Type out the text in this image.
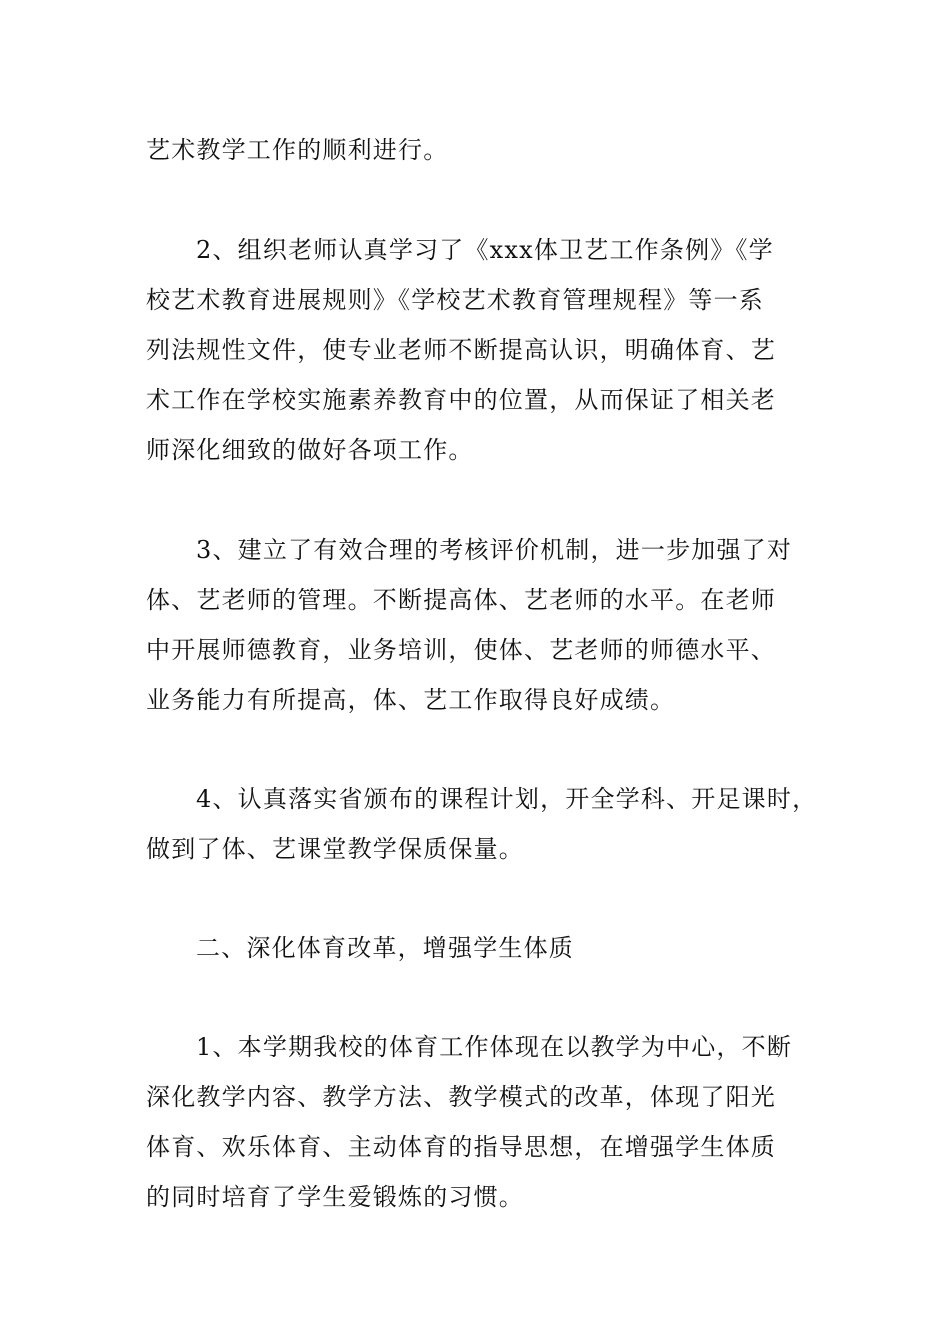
艺术教学工作的顺利进行。
2、组织老师认真学习了《xxx体卫艺工作条例》《学
校艺术教育进展规则》《学校艺术教育管理规程》等一系
列法规性文件，使专业老师不断提高认识，明确体育、艺
术工作在学校实施素养教育中的位置，从而保证了相关老
师深化细致的做好各项工作。
3、建立了有效合理的考核评价机制，进一步加强了对
体、艺老师的管理。不断提高体、艺老师的水平。在老师
中开展师德教育，业务培训，使体、艺老师的师德水平、
业务能力有所提高，体、艺工作取得良好成绩。
4、认真落实省颁布的课程计划，开全学科、开足课时，
做到了体、艺课堂教学保质保量。
二、深化体育改革，增强学生体质
1、本学期我校的体育工作体现在以教学为中心，不断
深化教学内容、教学方法、教学模式的改革，体现了阳光
体育、欢乐体育、主动体育的指导思想，在增强学生体质
的同时培育了学生爱锻炼的习惯。
